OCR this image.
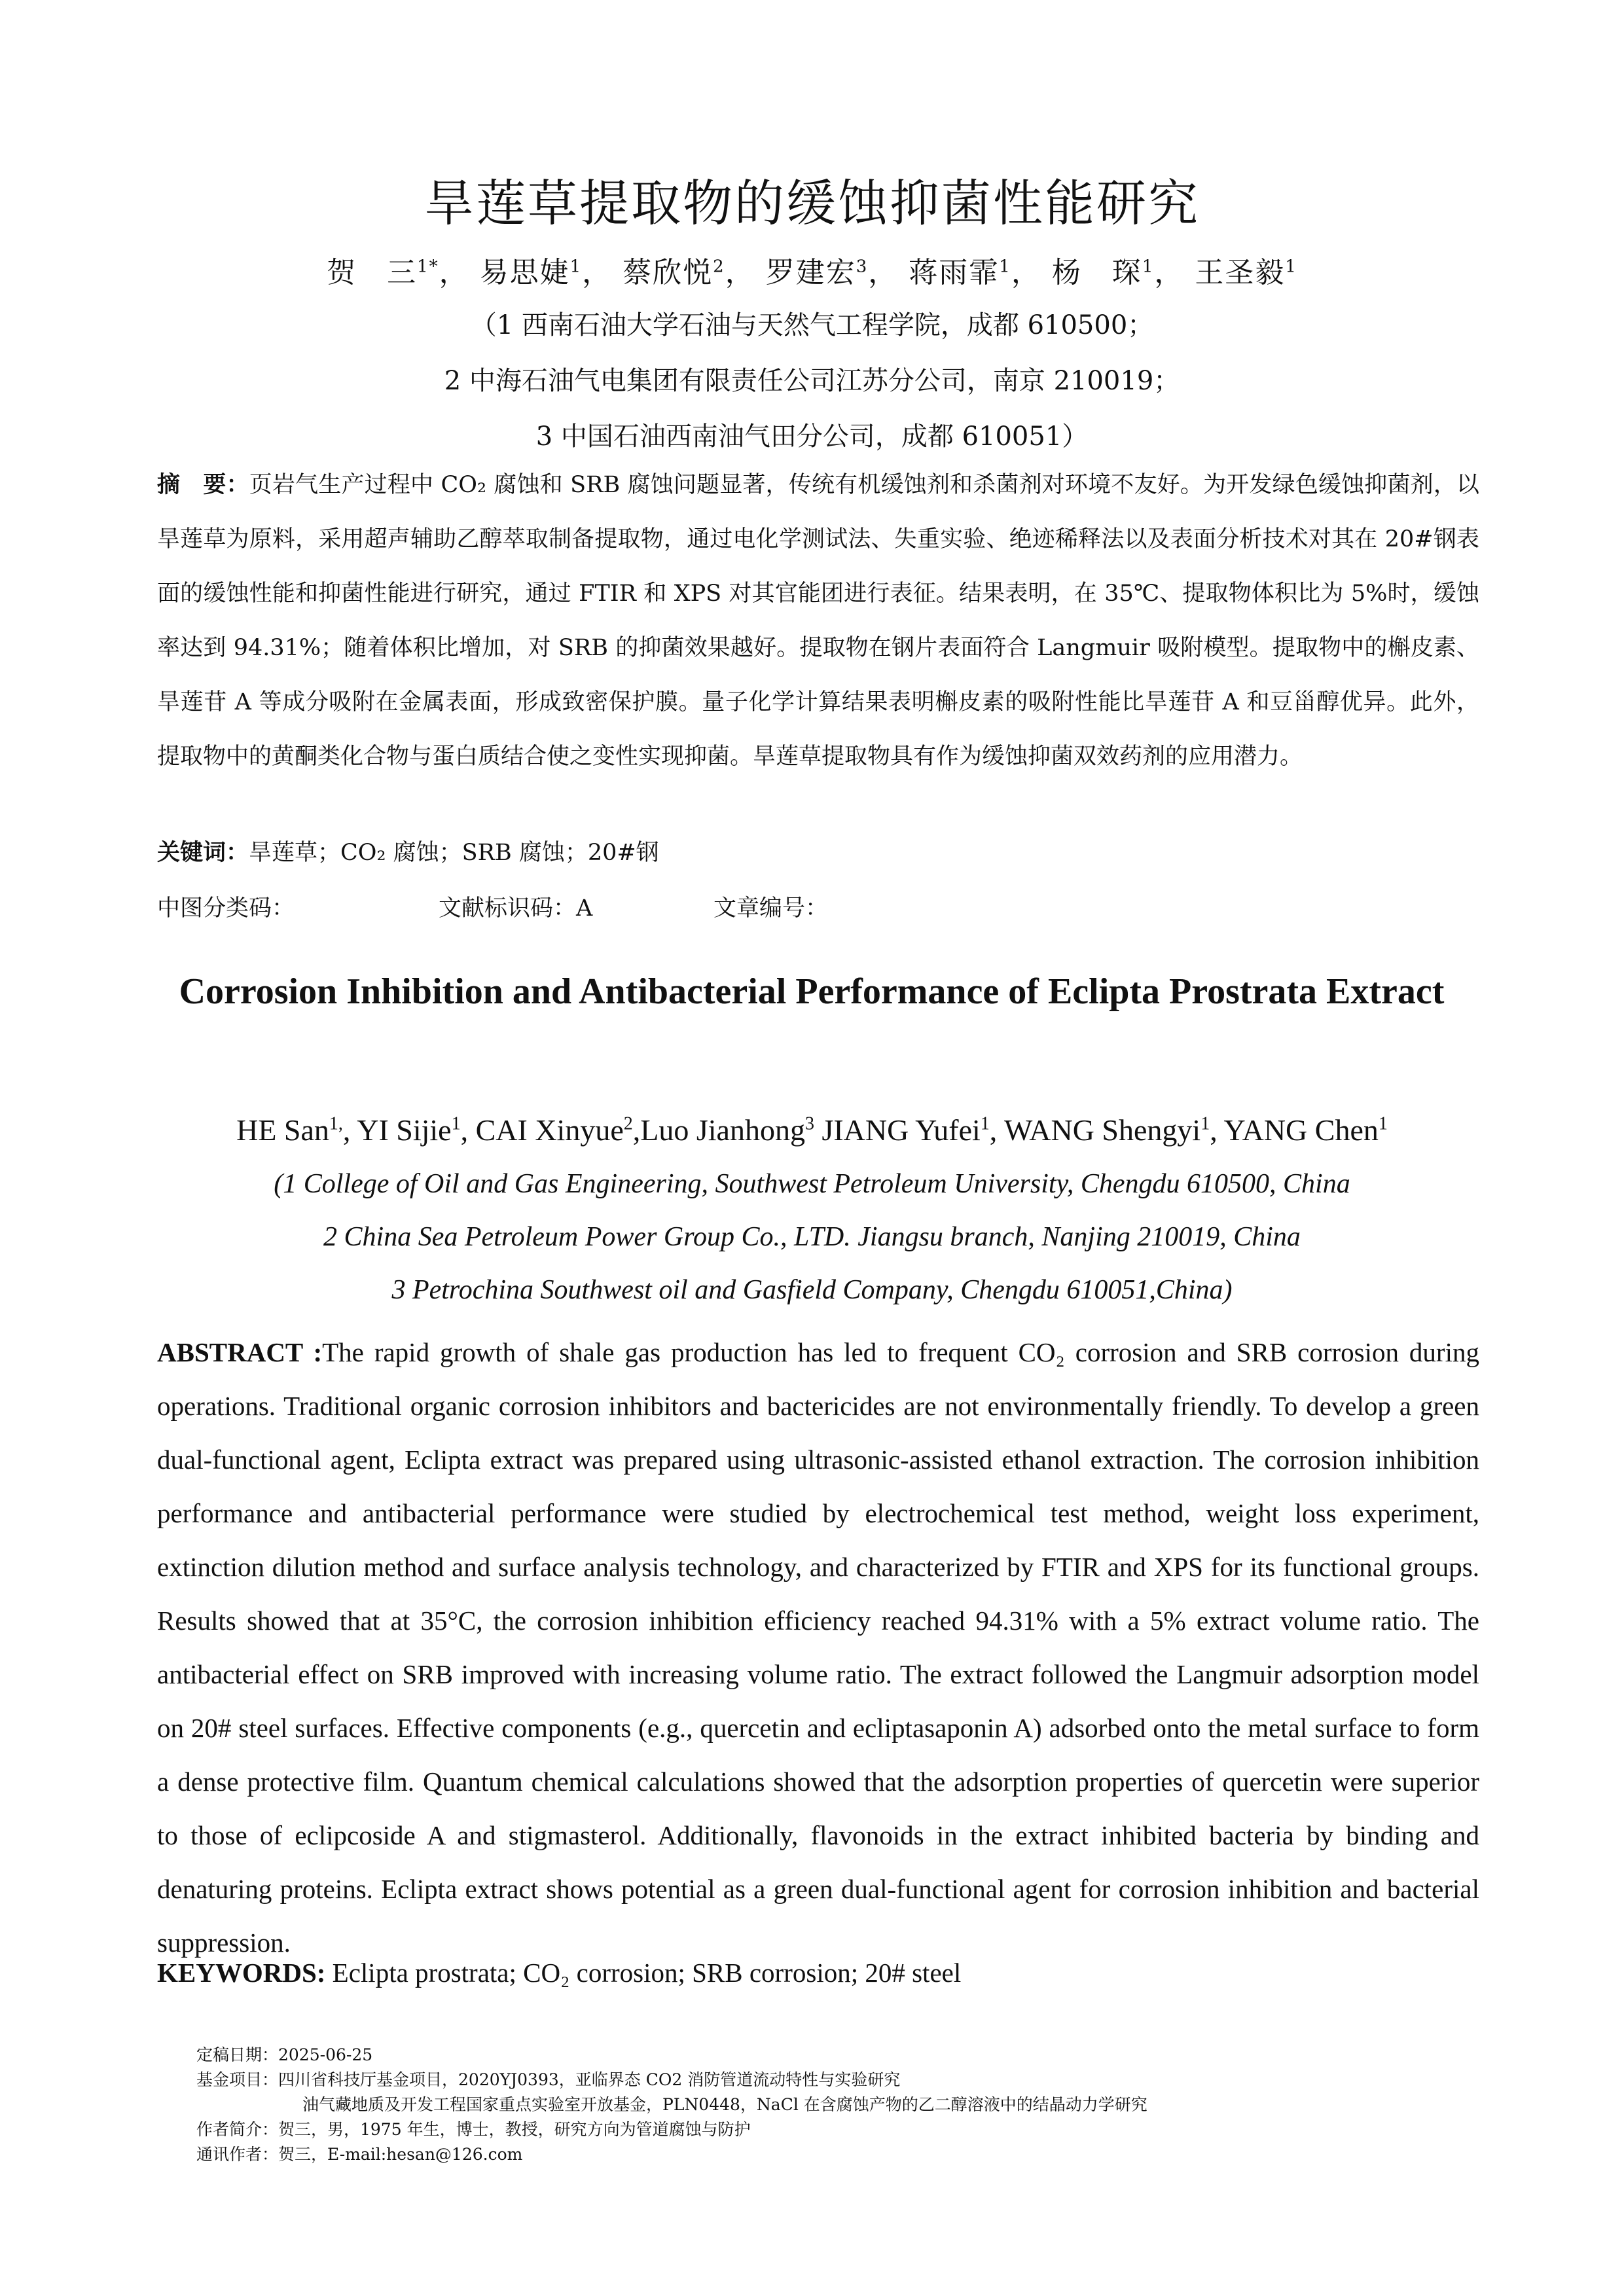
旱莲草提取物的缓蚀抑菌性能研究
贺　三$^{1*}$， 易思婕$^1$， 蔡欣悦$^2$， 罗建宏$^3$， 蒋雨霏$^1$， 杨　琛$^1$， 王圣毅$^1$
（1 西南石油大学石油与天然气工程学院，成都 610500；
2 中海石油气电集团有限责任公司江苏分公司，南京 210019；
3 中国石油西南油气田分公司，成都 610051）
摘　要：页岩气生产过程中 CO₂ 腐蚀和 SRB 腐蚀问题显著，传统有机缓蚀剂和杀菌剂对环境不友好。为开发绿色缓蚀抑菌剂，以旱莲草为原料，采用超声辅助乙醇萃取制备提取物，通过电化学测试法、失重实验、绝迹稀释法以及表面分析技术对其在 20#钢表面的缓蚀性能和抑菌性能进行研究，通过 FTIR 和 XPS 对其官能团进行表征。结果表明，在 35℃、提取物体积比为 5%时，缓蚀率达到 94.31%；随着体积比增加，对 SRB 的抑菌效果越好。提取物在钢片表面符合 Langmuir 吸附模型。提取物中的槲皮素、旱莲苷 A 等成分吸附在金属表面，形成致密保护膜。量子化学计算结果表明槲皮素的吸附性能比旱莲苷 A 和豆甾醇优异。此外，提取物中的黄酮类化合物与蛋白质结合使之变性实现抑菌。旱莲草提取物具有作为缓蚀抑菌双效药剂的应用潜力。
关键词：旱莲草；CO₂ 腐蚀；SRB 腐蚀；20#钢
中图分类码：	文献标识码：A	文章编号：
Corrosion Inhibition and Antibacterial Performance of Eclipta Prostrata Extract
HE San$^{1,}$, YI Sijie$^1$, CAI Xinyue$^2$,Luo Jianhong$^3$ JIANG Yufei$^1$, WANG Shengyi$^1$, YANG Chen$^1$
(1 College of Oil and Gas Engineering, Southwest Petroleum University, Chengdu 610500, China
2 China Sea Petroleum Power Group Co., LTD. Jiangsu branch, Nanjing 210019, China
3 Petrochina Southwest oil and Gasfield Company, Chengdu 610051,China)
ABSTRACT :The rapid growth of shale gas production has led to frequent CO₂ corrosion and SRB corrosion during operations. Traditional organic corrosion inhibitors and bactericides are not environmentally friendly. To develop a green dual-functional agent, Eclipta extract was prepared using ultrasonic-assisted ethanol extraction. The corrosion inhibition performance and antibacterial performance were studied by electrochemical test method, weight loss experiment, extinction dilution method and surface analysis technology, and characterized by FTIR and XPS for its functional groups. Results showed that at 35°C, the corrosion inhibition efficiency reached 94.31% with a 5% extract volume ratio. The antibacterial effect on SRB improved with increasing volume ratio. The extract followed the Langmuir adsorption model on 20# steel surfaces. Effective components (e.g., quercetin and ecliptasaponin A) adsorbed onto the metal surface to form a dense protective film. Quantum chemical calculations showed that the adsorption properties of quercetin were superior to those of eclipcoside A and stigmasterol. Additionally, flavonoids in the extract inhibited bacteria by binding and denaturing proteins. Eclipta extract shows potential as a green dual-functional agent for corrosion inhibition and bacterial suppression.
KEYWORDS: Eclipta prostrata; CO₂ corrosion; SRB corrosion; 20# steel
定稿日期：2025-06-25
基金项目：四川省科技厅基金项目，2020YJ0393，亚临界态 CO2 消防管道流动特性与实验研究
油气藏地质及开发工程国家重点实验室开放基金，PLN0448，NaCl 在含腐蚀产物的乙二醇溶液中的结晶动力学研究
作者简介：贺三，男，1975 年生，博士，教授，研究方向为管道腐蚀与防护
通讯作者：贺三，E-mail:hesan@126.com
